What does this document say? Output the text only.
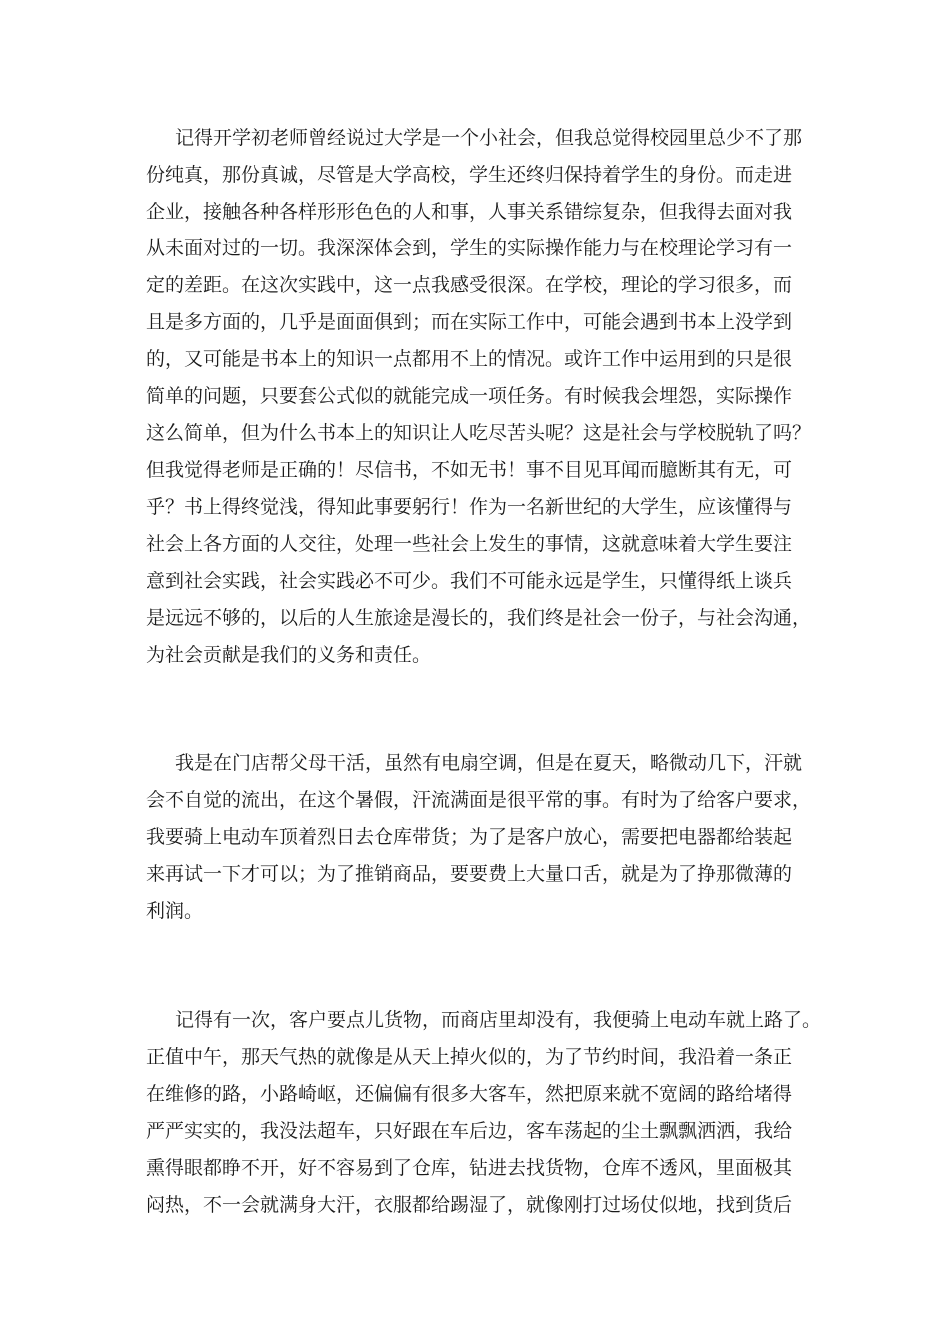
记得开学初老师曾经说过大学是一个小社会，但我总觉得校园里总少不了那
份纯真，那份真诚，尽管是大学高校，学生还终归保持着学生的身份。而走进
企业，接触各种各样形形色色的人和事，人事关系错综复杂，但我得去面对我
从未面对过的一切。我深深体会到，学生的实际操作能力与在校理论学习有一
定的差距。在这次实践中，这一点我感受很深。在学校，理论的学习很多，而
且是多方面的，几乎是面面俱到；而在实际工作中，可能会遇到书本上没学到
的，又可能是书本上的知识一点都用不上的情况。或许工作中运用到的只是很
简单的问题，只要套公式似的就能完成一项任务。有时候我会埋怨，实际操作
这么简单，但为什么书本上的知识让人吃尽苦头呢？这是社会与学校脱轨了吗？
但我觉得老师是正确的！尽信书，不如无书！事不目见耳闻而臆断其有无，可
乎？书上得终觉浅，得知此事要躬行！作为一名新世纪的大学生，应该懂得与
社会上各方面的人交往，处理一些社会上发生的事情，这就意味着大学生要注
意到社会实践，社会实践必不可少。我们不可能永远是学生，只懂得纸上谈兵
是远远不够的，以后的人生旅途是漫长的，我们终是社会一份子，与社会沟通，
为社会贡献是我们的义务和责任。
我是在门店帮父母干活，虽然有电扇空调，但是在夏天，略微动几下，汗就
会不自觉的流出，在这个暑假，汗流满面是很平常的事。有时为了给客户要求，
我要骑上电动车顶着烈日去仓库带货；为了是客户放心，需要把电器都给装起
来再试一下才可以；为了推销商品，要要费上大量口舌，就是为了挣那微薄的
利润。
记得有一次，客户要点儿货物，而商店里却没有，我便骑上电动车就上路了。
正值中午，那天气热的就像是从天上掉火似的，为了节约时间，我沿着一条正
在维修的路，小路崎岖，还偏偏有很多大客车，然把原来就不宽阔的路给堵得
严严实实的，我没法超车，只好跟在车后边，客车荡起的尘土飘飘洒洒，我给
熏得眼都睁不开，好不容易到了仓库，钻进去找货物，仓库不透风，里面极其
闷热，不一会就满身大汗，衣服都给踢湿了，就像刚打过场仗似地，找到货后
